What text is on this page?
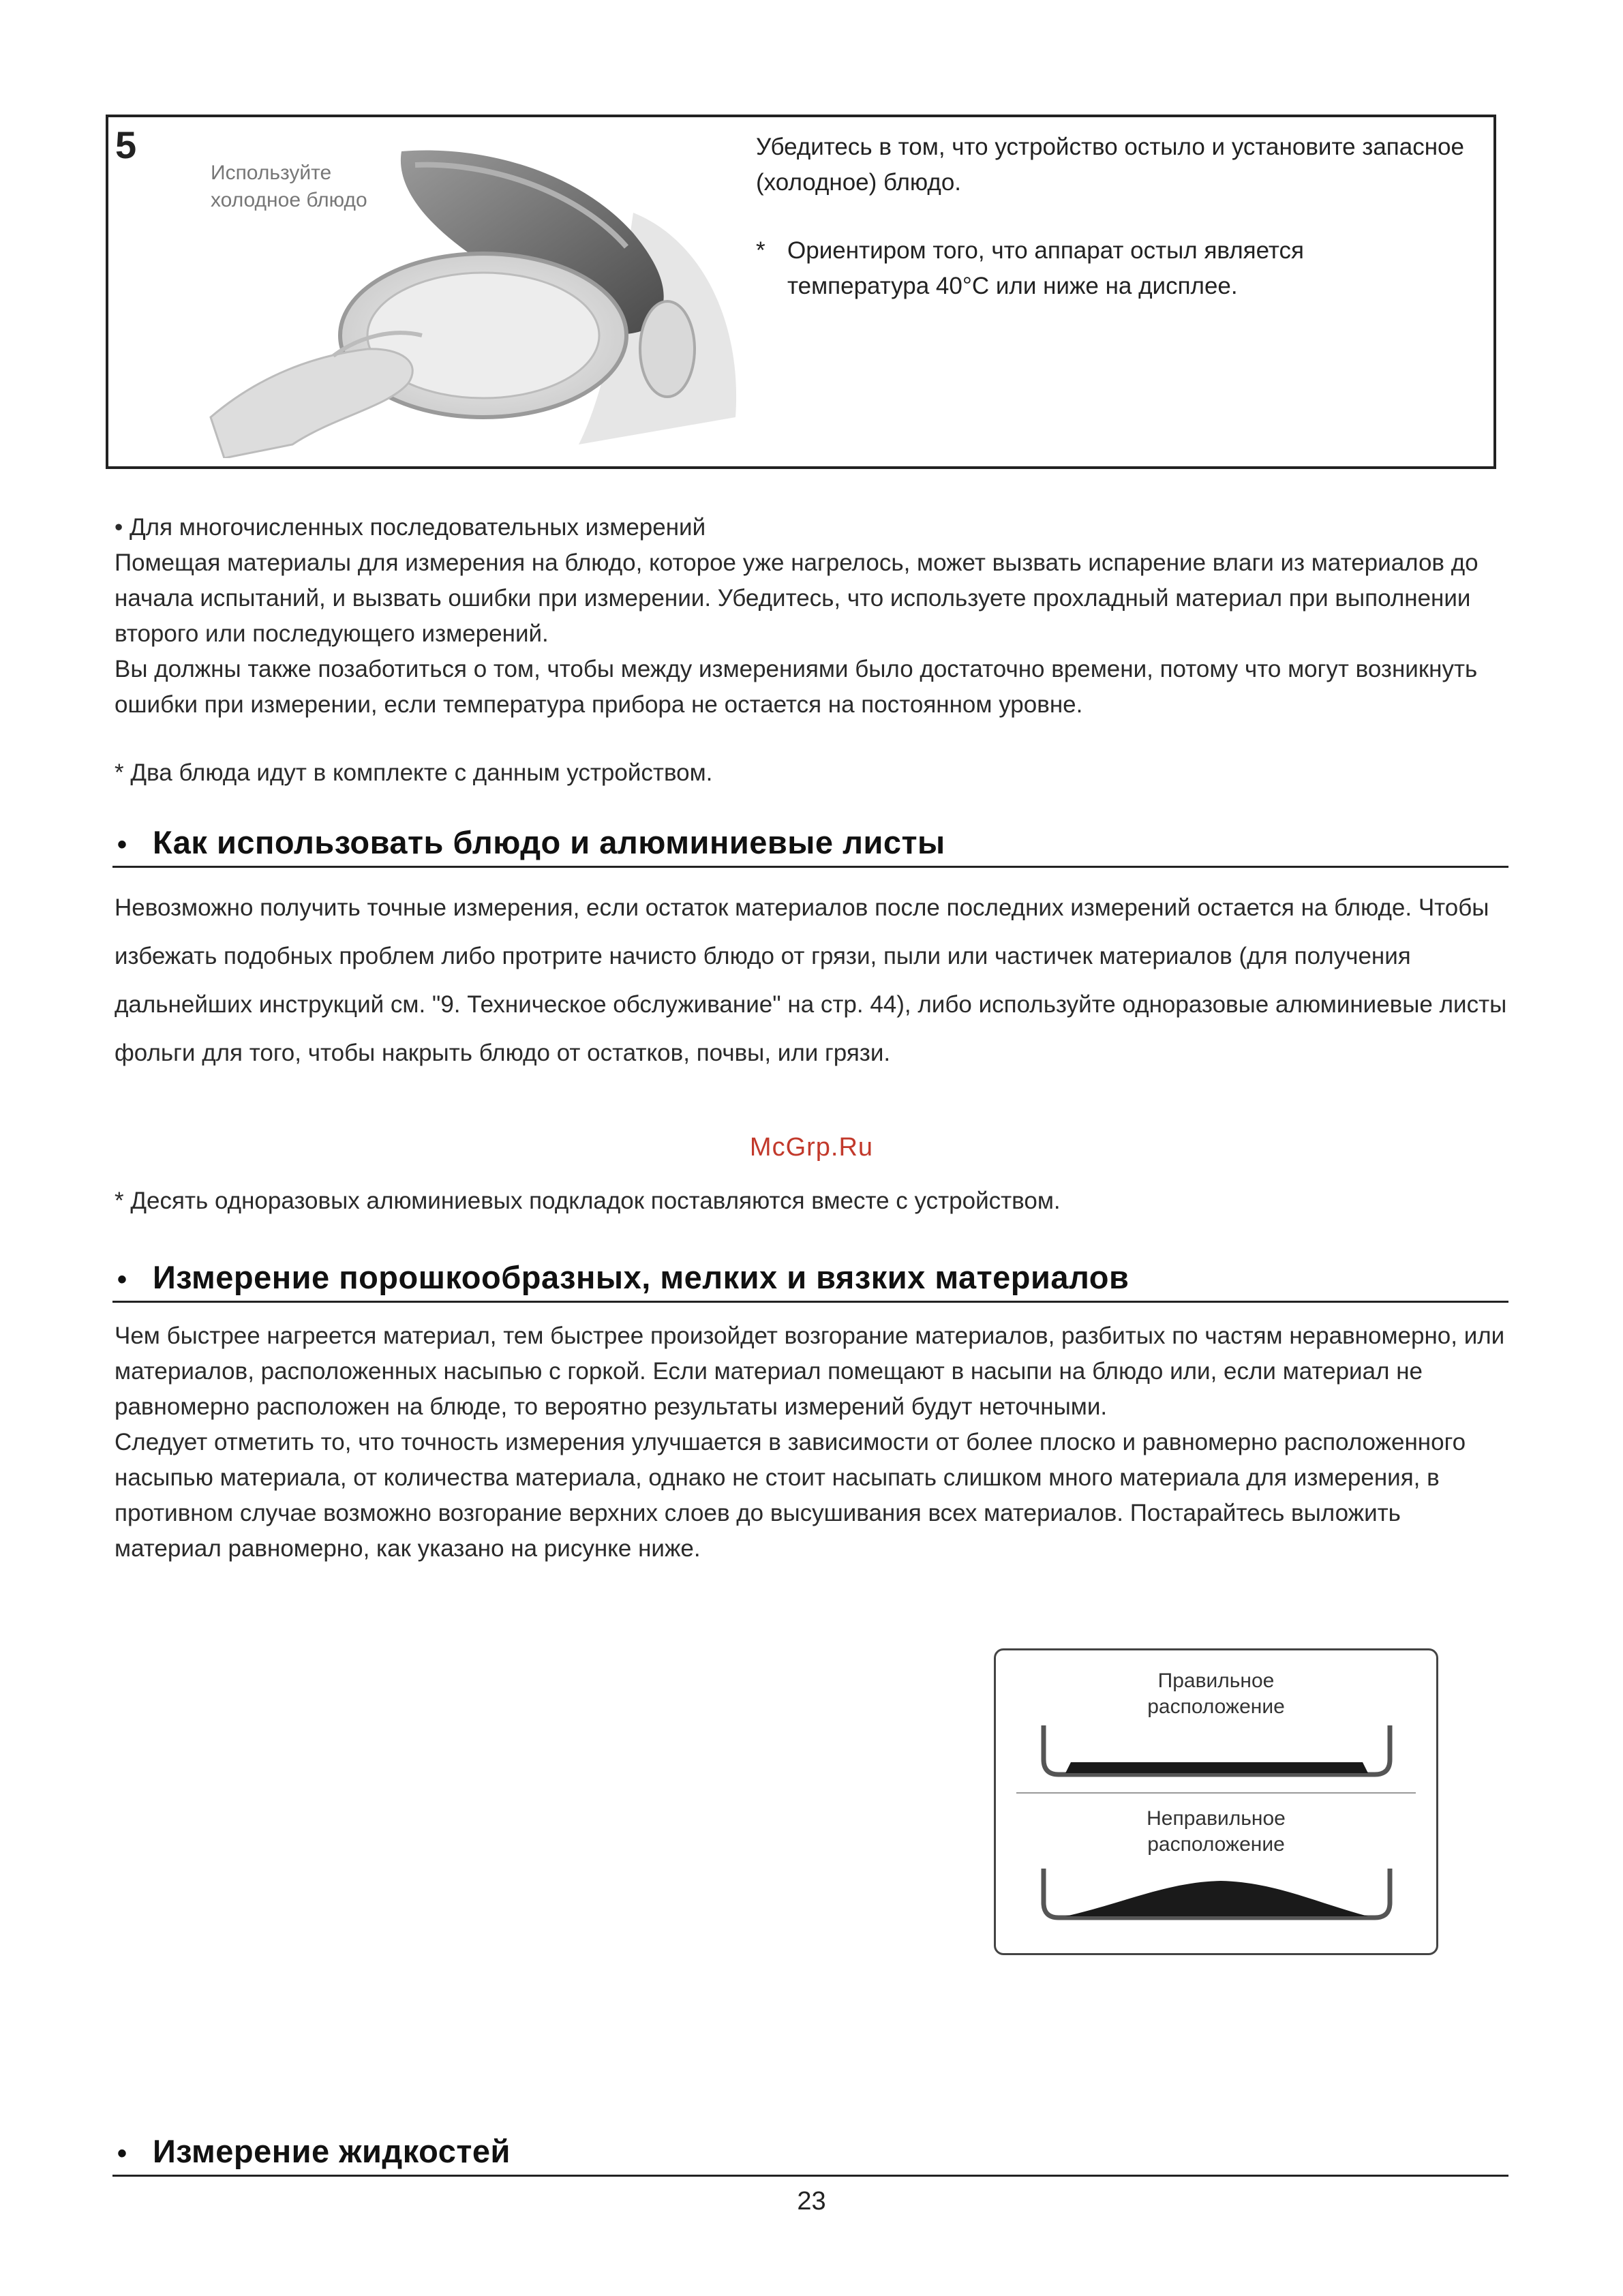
5
Используйте
холодное блюдо
Убедитесь в том, что устройство остыло и установите запасное (холодное) блюдо.
* Ориентиром того, что аппарат остыл является температура 40°C или ниже на дисплее.
• Для многочисленных последовательных измерений
Помещая материалы для измерения на блюдо, которое уже нагрелось, может вызвать испарение влаги из материалов до начала испытаний, и вызвать ошибки при измерении. Убедитесь, что используете прохладный материал при выполнении второго или последующего измерений.
Вы должны также позаботиться о том, чтобы между измерениями было достаточно времени, потому что могут возникнуть ошибки при измерении, если температура прибора не остается на постоянном уровне.
* Два блюда идут в комплекте с данным устройством.
• Как использовать блюдо и алюминиевые листы
Невозможно получить точные измерения, если остаток материалов после последних измерений остается на блюде. Чтобы избежать подобных проблем либо протрите начисто блюдо от грязи, пыли или частичек материалов (для получения дальнейших инструкций см. "9. Техническое обслуживание" на стр. 44), либо используйте одноразовые алюминиевые листы фольги для того, чтобы накрыть блюдо от остатков, почвы, или грязи.
McGrp.Ru
* Десять одноразовых алюминиевых подкладок поставляются вместе с устройством.
• Измерение порошкообразных, мелких и вязких материалов
Чем быстрее нагреется материал, тем быстрее произойдет возгорание материалов, разбитых по частям неравномерно, или материалов, расположенных насыпью с горкой. Если материал помещают в насыпи на блюдо или, если материал не равномерно расположен на блюде, то вероятно результаты измерений будут неточными.
Следует отметить то, что точность измерения улучшается в зависимости от более плоско и равномерно расположенного насыпью материала, от количества материала, однако не стоит насыпать слишком много материала для измерения, в противном случае возможно возгорание верхних слоев до высушивания всех материалов. Постарайтесь выложить материал равномерно, как указано на рисунке ниже.
Правильное
расположение
Неправильное
расположение
• Измерение жидкостей
23
